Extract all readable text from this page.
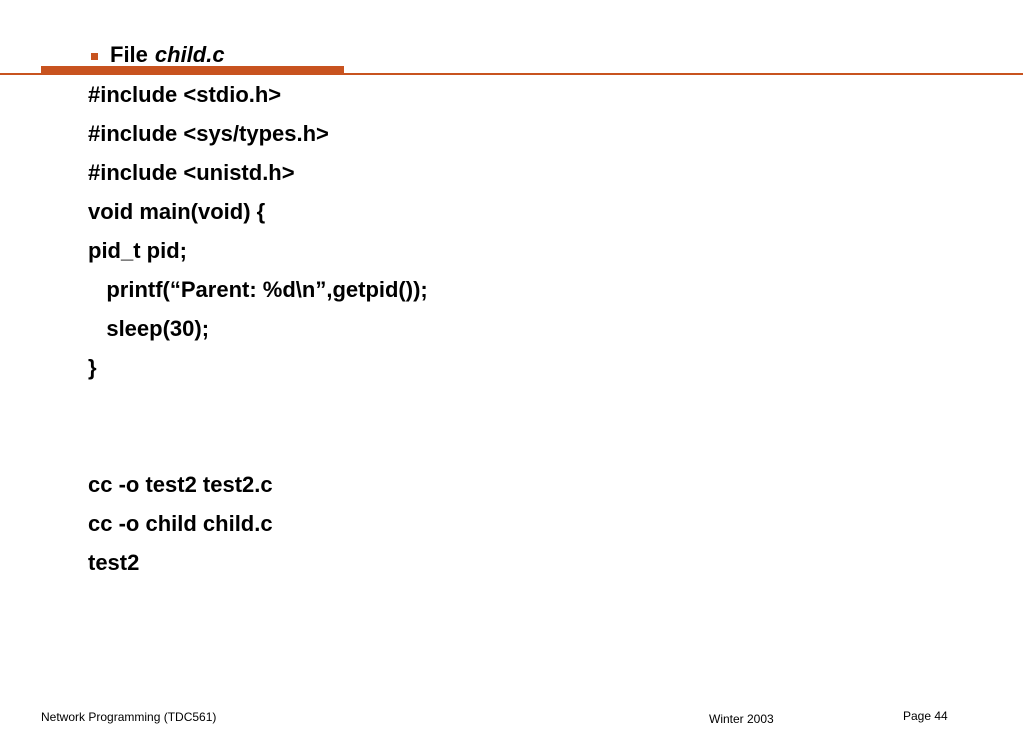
File child.c
#include <stdio.h>
#include <sys/types.h>
#include <unistd.h>
void main(void) {
pid_t pid;
printf(“Parent: %d\n”,getpid());
sleep(30);
}
cc -o test2 test2.c
cc -o child child.c
test2
Network Programming (TDC561)	Winter 2003	Page 44
